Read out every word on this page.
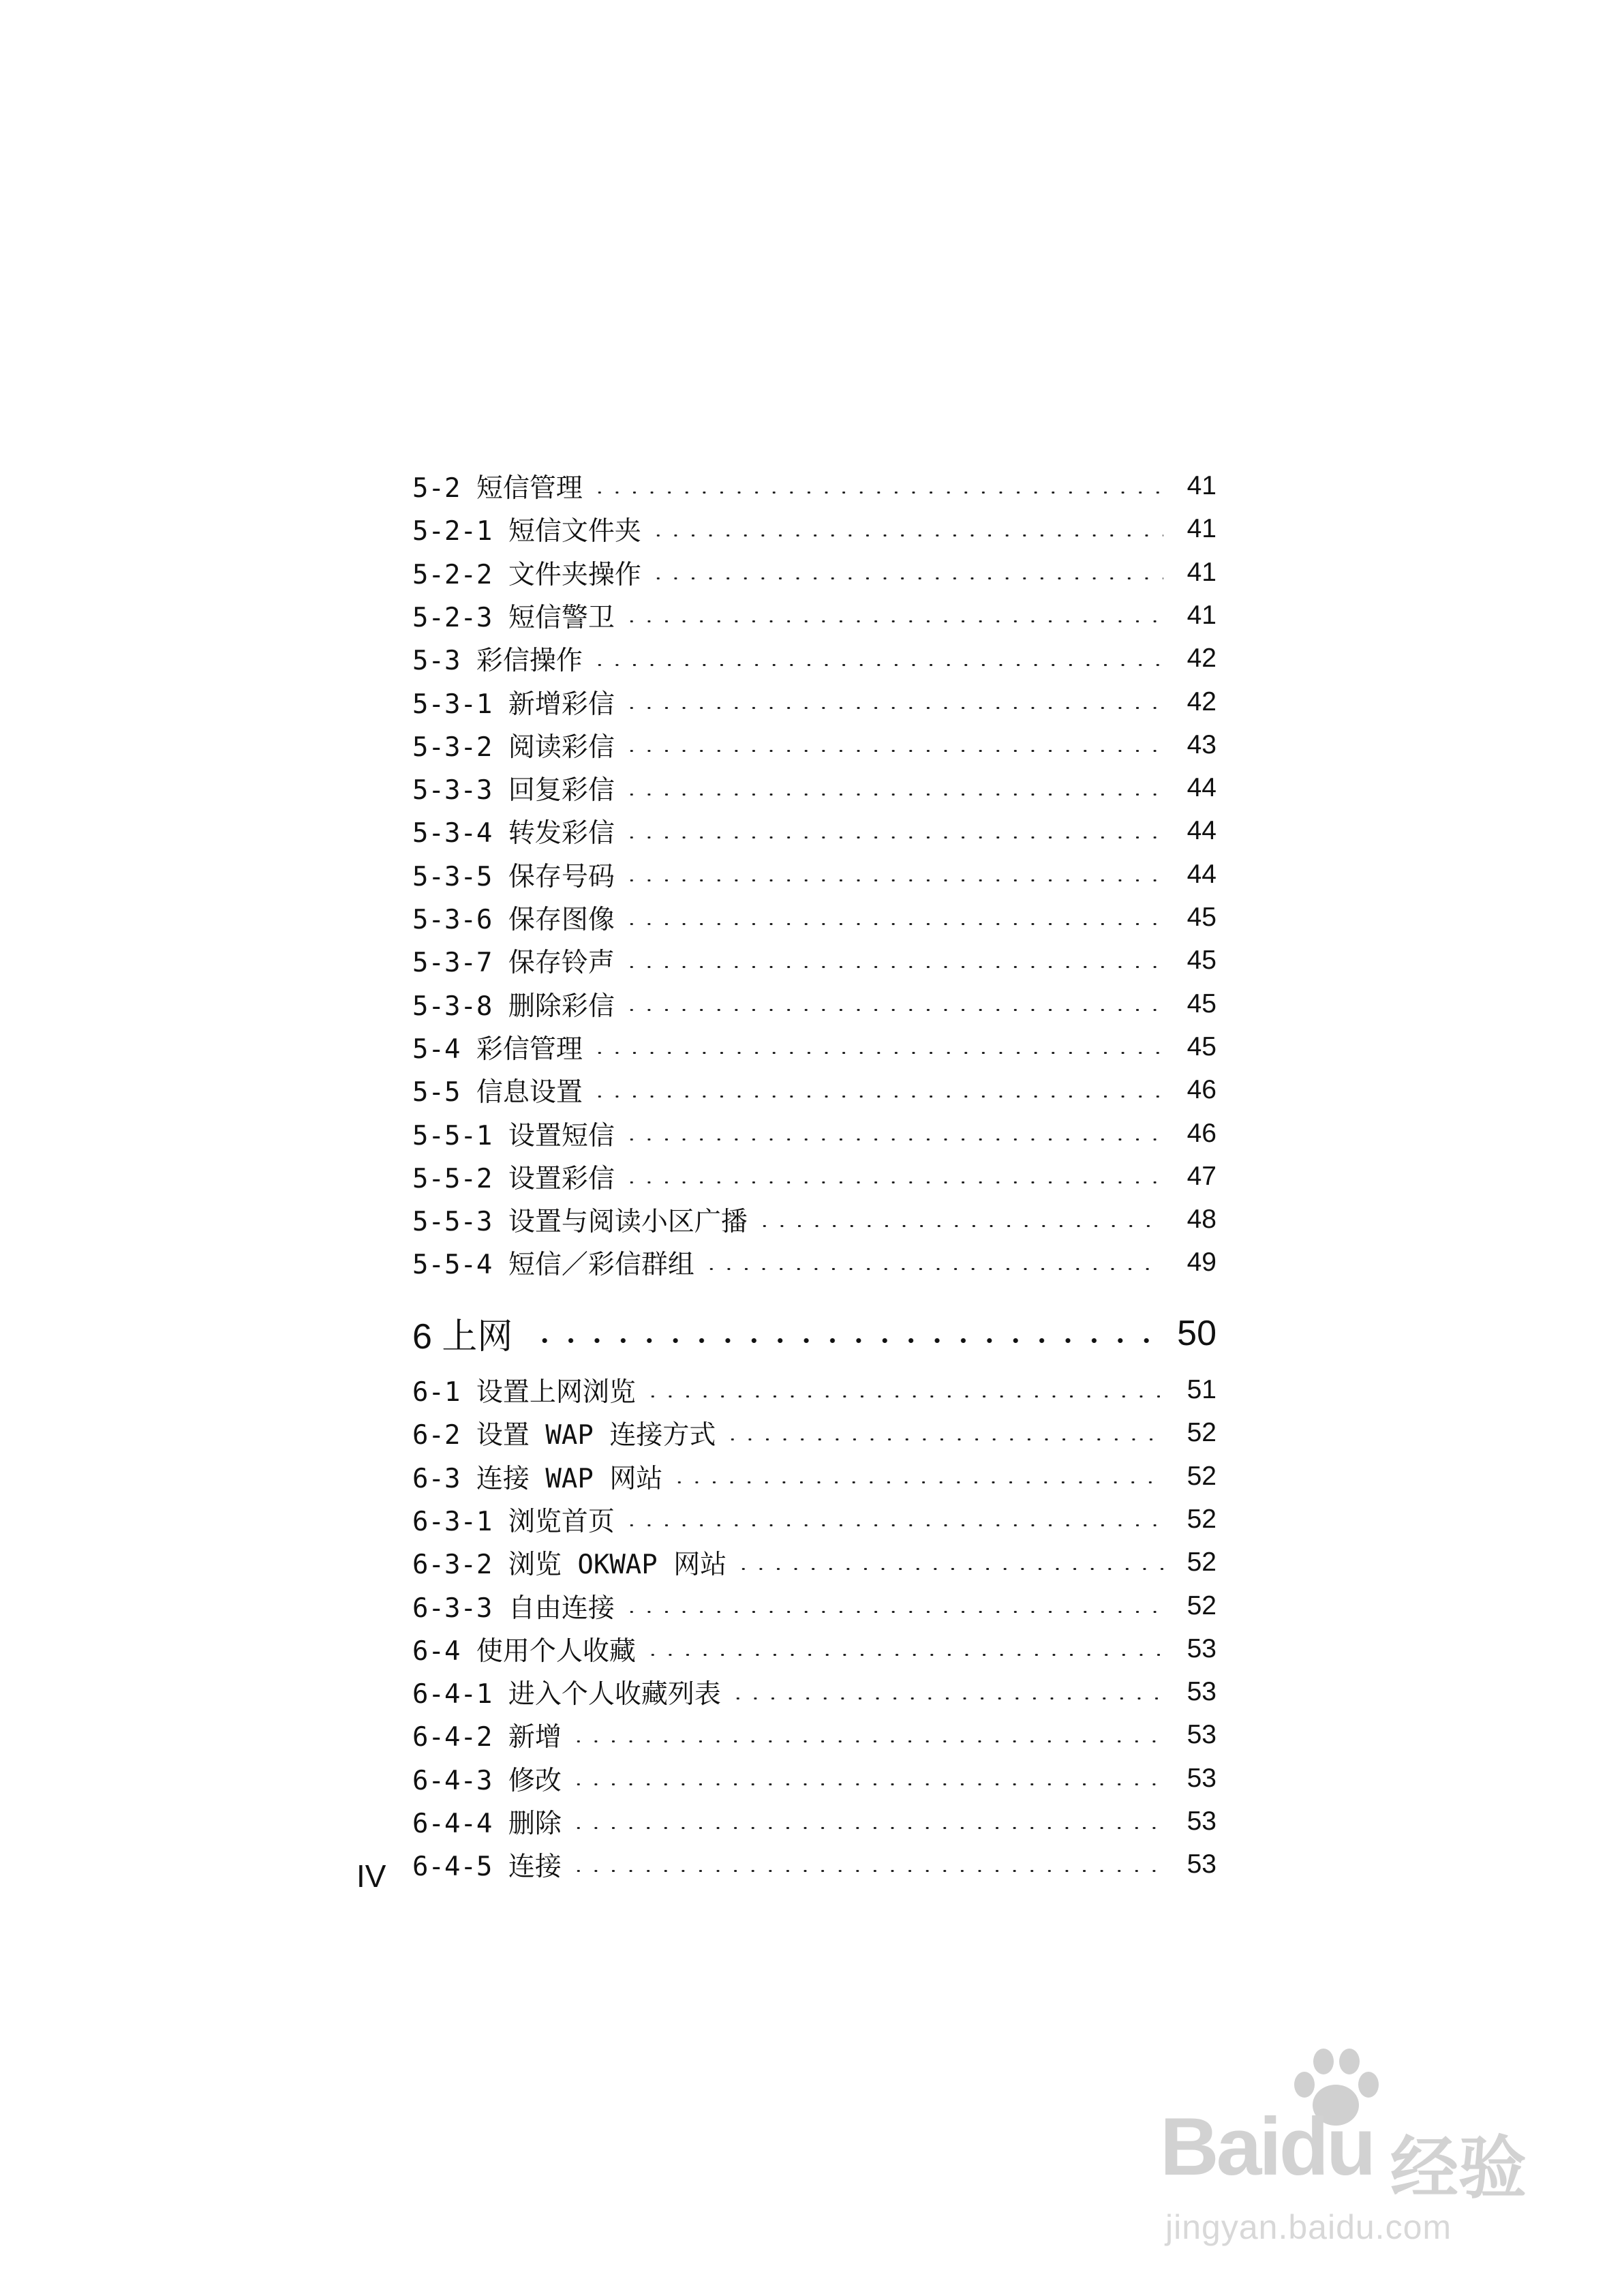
5-2 短信管理	41
5-2-1 短信文件夹	41
5-2-2 文件夹操作	41
5-2-3 短信警卫	41
5-3 彩信操作	42
5-3-1 新增彩信	42
5-3-2 阅读彩信	43
5-3-3 回复彩信	44
5-3-4 转发彩信	44
5-3-5 保存号码	44
5-3-6 保存图像	45
5-3-7 保存铃声	45
5-3-8 删除彩信	45
5-4 彩信管理	45
5-5 信息设置	46
5-5-1 设置短信	46
5-5-2 设置彩信	47
5-5-3 设置与阅读小区广播	48
5-5-4 短信／彩信群组	49
6 上网	50
6-1 设置上网浏览	51
6-2 设置 WAP 连接方式	52
6-3 连接 WAP 网站	52
6-3-1 浏览首页	52
6-3-2 浏览 OKWAP 网站	52
6-3-3 自由连接	52
6-4 使用个人收藏	53
6-4-1 进入个人收藏列表	53
6-4-2 新增	53
6-4-3 修改	53
6-4-4 删除	53
6-4-5 连接	53
IV
Baidu 经验
jingyan.baidu.com
